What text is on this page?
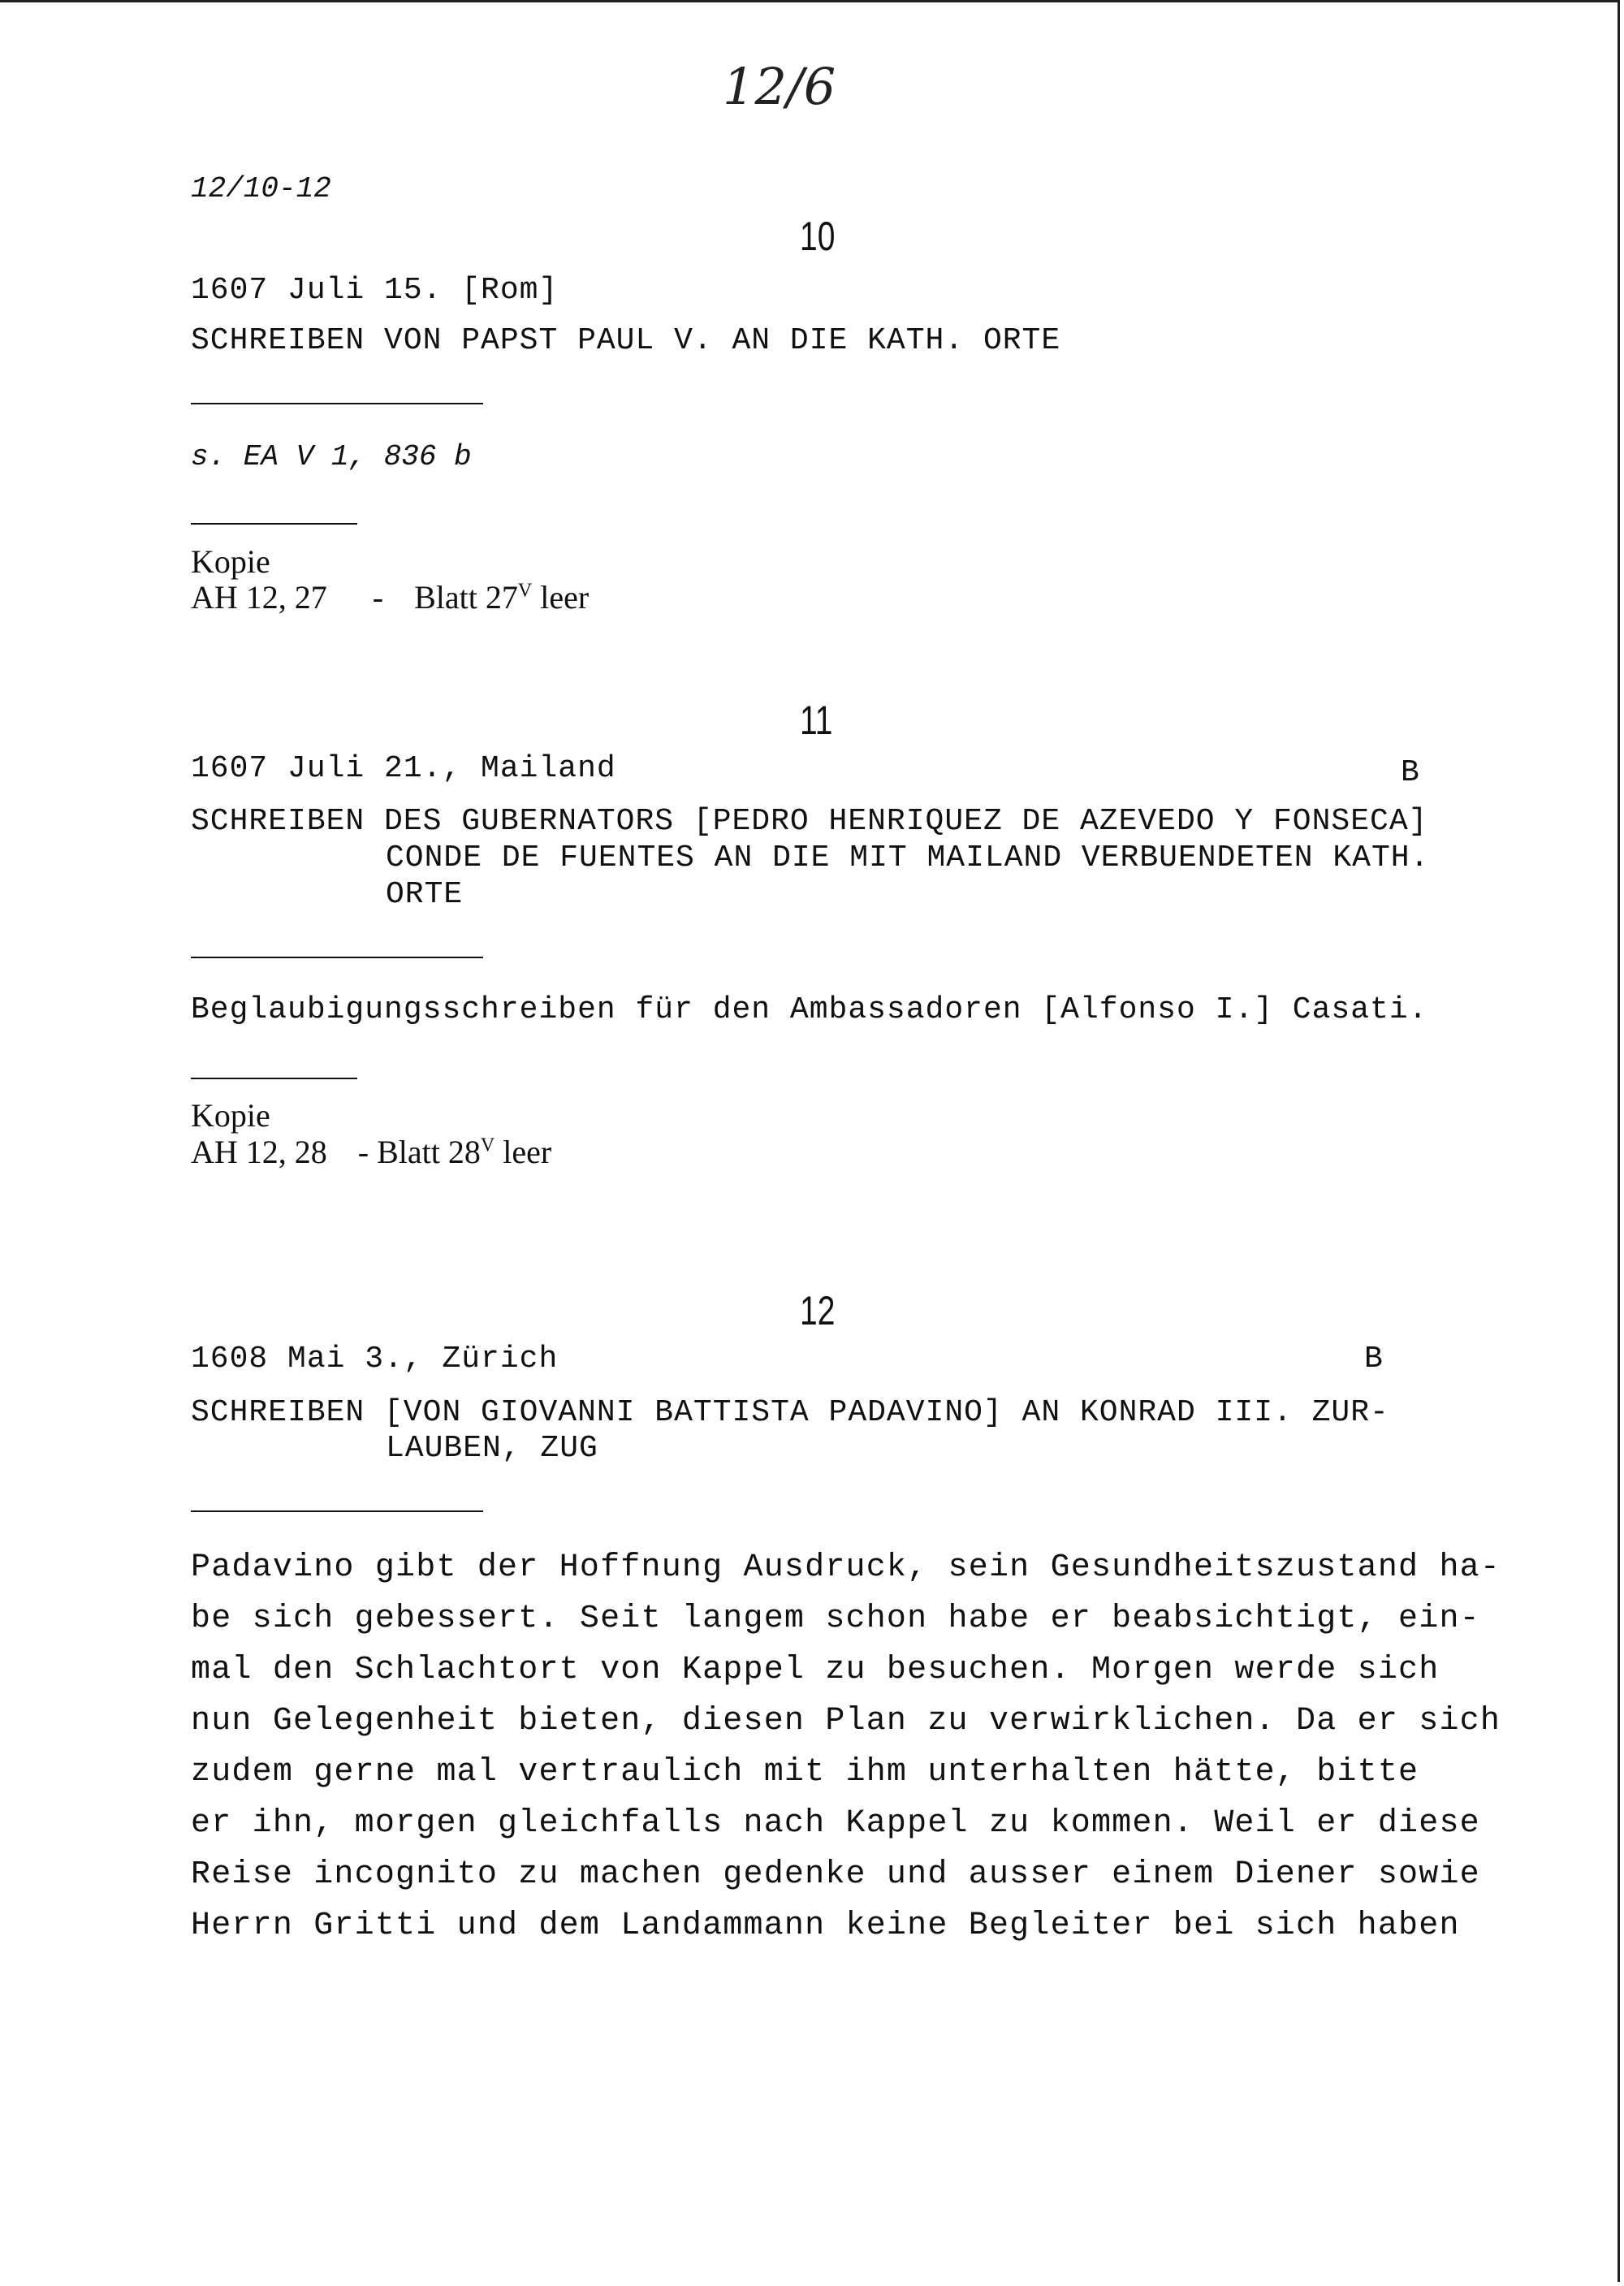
12/6
12/10-12
10
1607 Juli 15. [Rom]
SCHREIBEN VON PAPST PAUL V. AN DIE KATH. ORTE
s. EA V 1, 836 b
Kopie
AH 12, 27 - Blatt $27^V$ leer
11
1607 Juli 21., Mailand	B
SCHREIBEN DES GUBERNATORS [PEDRO HENRIQUEZ DE AZEVEDO Y FONSECA]
CONDE DE FUENTES AN DIE MIT MAILAND VERBUENDETEN KATH.
ORTE
Beglaubigungsschreiben für den Ambassadoren [Alfonso I.] Casati.
Kopie
AH 12, 28 - Blatt $28^V$ leer
12
1608 Mai 3., Zürich	B
SCHREIBEN [VON GIOVANNI BATTISTA PADAVINO] AN KONRAD III. ZUR-
LAUBEN, ZUG
Padavino gibt der Hoffnung Ausdruck, sein Gesundheitszustand ha-
be sich gebessert. Seit langem schon habe er beabsichtigt, ein-
mal den Schlachtort von Kappel zu besuchen. Morgen werde sich
nun Gelegenheit bieten, diesen Plan zu verwirklichen. Da er sich
zudem gerne mal vertraulich mit ihm unterhalten hätte, bitte
er ihn, morgen gleichfalls nach Kappel zu kommen. Weil er diese
Reise incognito zu machen gedenke und ausser einem Diener sowie
Herrn Gritti und dem Landammann keine Begleiter bei sich haben
